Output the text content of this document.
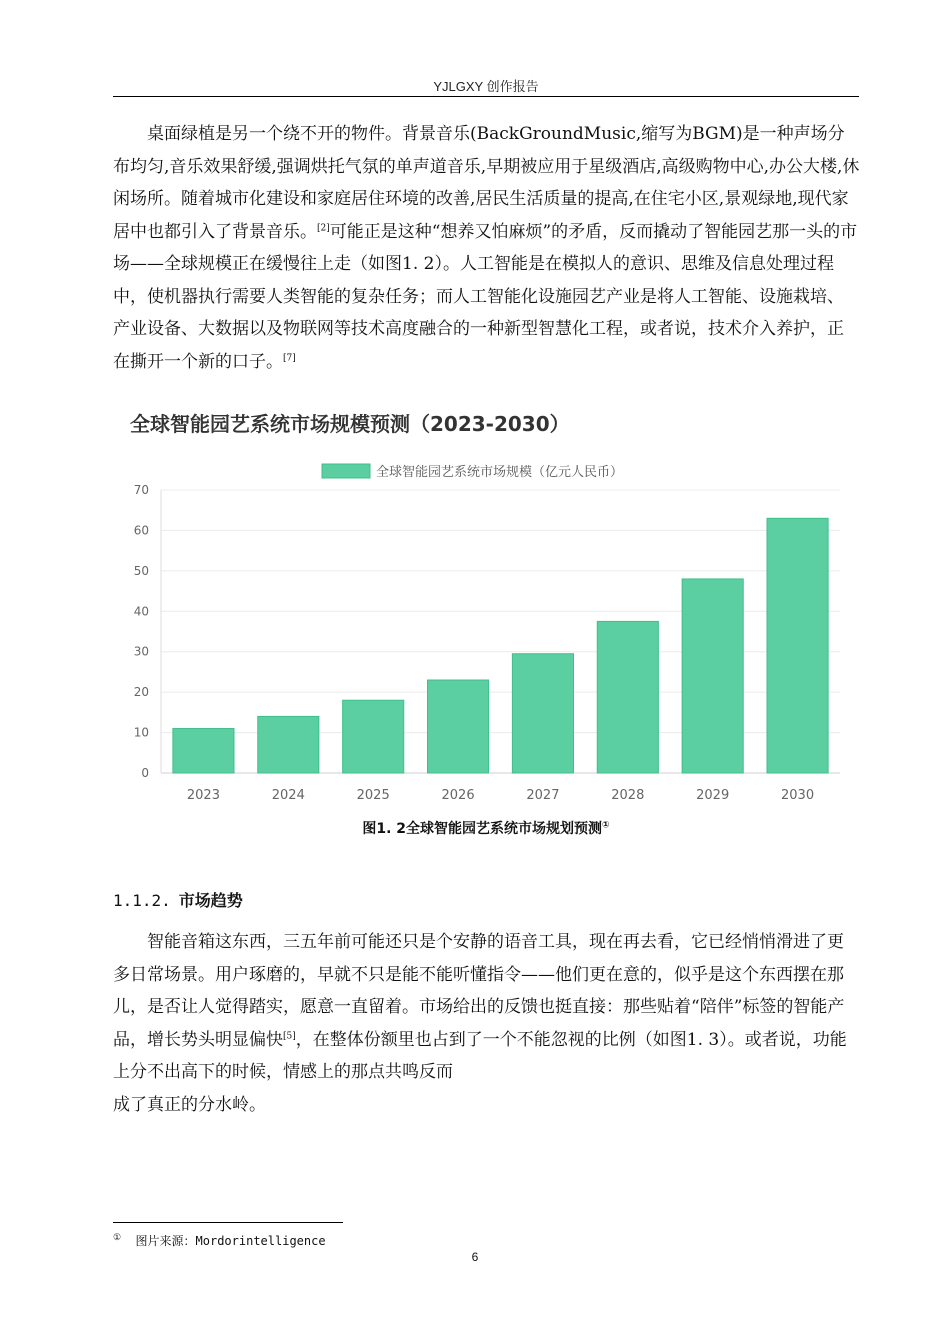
YJLGXY 创作报告

桌面绿植是另一个绕不开的物件。背景音乐(BackGroundMusic,缩写为BGM)是一种声场分布均匀,音乐效果舒缓,强调烘托气氛的单声道音乐,早期被应用于星级酒店,高级购物中心,办公大楼,休闲场所。随着城市化建设和家庭居住环境的改善,居民生活质量的提高,在住宅小区,景观绿地,现代家居中也都引入了背景音乐。[2]可能正是这种“想养又怕麻烦”的矛盾，反而撬动了智能园艺那一头的市场——全球规模正在缓慢往上走（如图1. 2）。人工智能是在模拟人的意识、思维及信息处理过程中，使机器执行需要人类智能的复杂任务；而人工智能化设施园艺产业是将人工智能、设施栽培、产业设备、大数据以及物联网等技术高度融合的一种新型智慧化工程，或者说，技术介入养护，正在撕开一个新的口子。[7]

全球智能园艺系统市场规模预测（2023-2030）
全球智能园艺系统市场规模（亿元人民币）
0
10
20
30
40
50
60
70
2023	2024	2025	2026	2027	2028	2029	2030
图1. 2全球智能园艺系统市场规划预测①
1.1.2. 市场趋势

智能音箱这东西，三五年前可能还只是个安静的语音工具，现在再去看，它已经悄悄滑进了更多日常场景。用户琢磨的，早就不只是能不能听懂指令——他们更在意的，似乎是这个东西摆在那儿，是否让人觉得踏实，愿意一直留着。市场给出的反馈也挺直接：那些贴着“陪伴”标签的智能产品，增长势头明显偏快[5]，在整体份额里也占到了一个不能忽视的比例（如图1. 3）。或者说，功能上分不出高下的时候，情感上的那点共鸣反而
成了真正的分水岭。

① 图片来源：Mordorintelligence
6
